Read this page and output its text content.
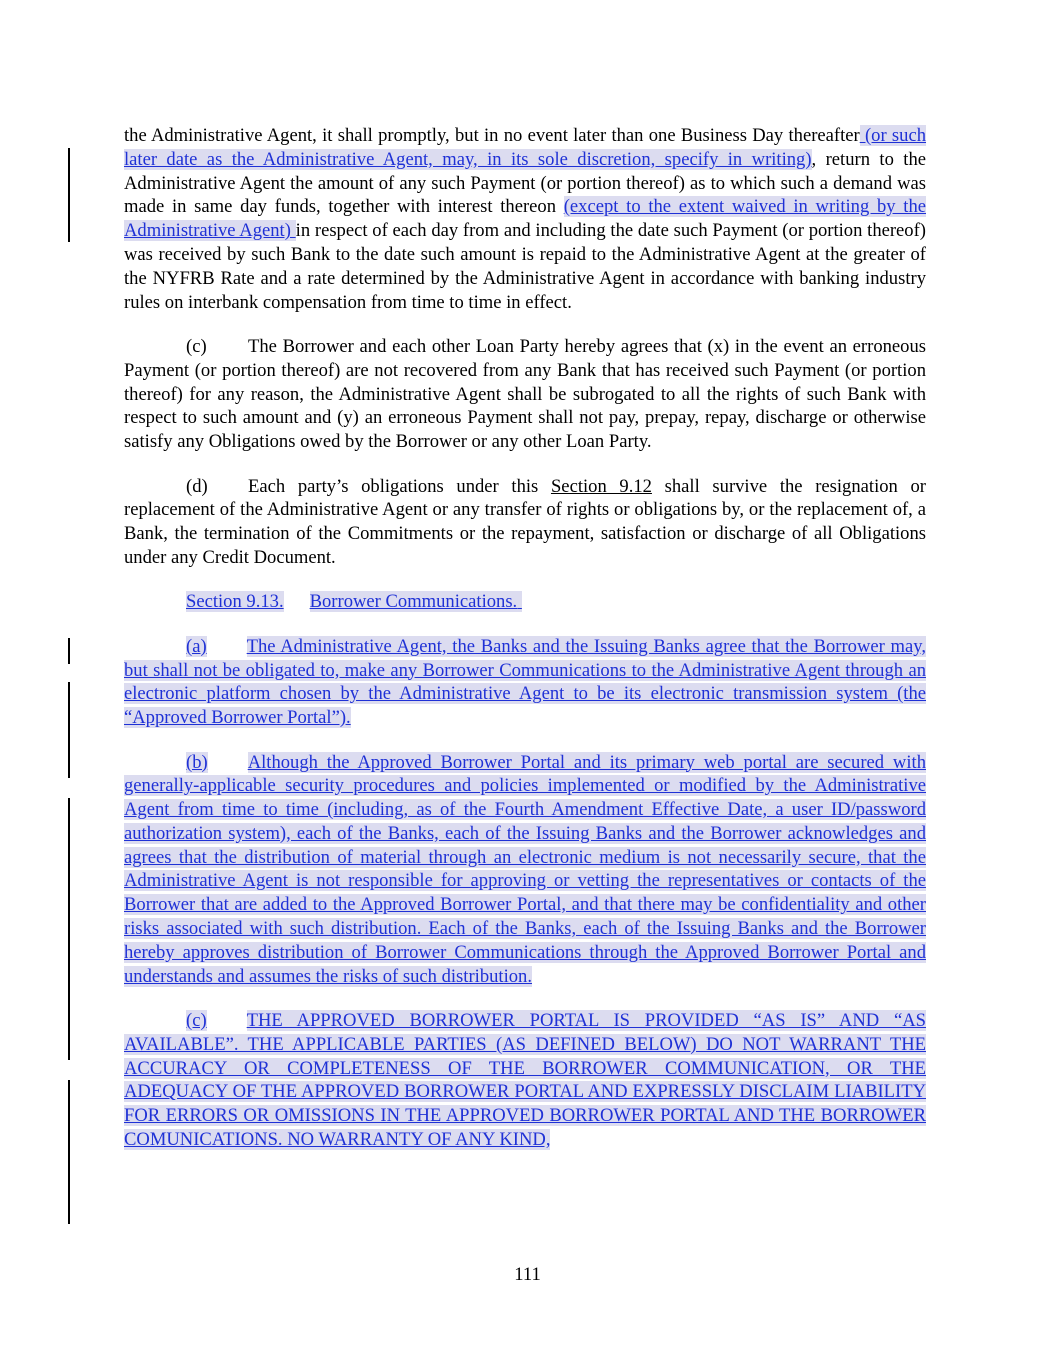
the Administrative Agent, it shall promptly, but in no event later than one Business Day thereafter (or such later date as the Administrative Agent, may, in its sole discretion, specify in writing), return to the Administrative Agent the amount of any such Payment (or portion thereof) as to which such a demand was made in same day funds, together with interest thereon (except to the extent waived in writing by the Administrative Agent) in respect of each day from and including the date such Payment (or portion thereof) was received by such Bank to the date such amount is repaid to the Administrative Agent at the greater of the NYFRB Rate and a rate determined by the Administrative Agent in accordance with banking industry rules on interbank compensation from time to time in effect.

(c) The Borrower and each other Loan Party hereby agrees that (x) in the event an erroneous Payment (or portion thereof) are not recovered from any Bank that has received such Payment (or portion thereof) for any reason, the Administrative Agent shall be subrogated to all the rights of such Bank with respect to such amount and (y) an erroneous Payment shall not pay, prepay, repay, discharge or otherwise satisfy any Obligations owed by the Borrower or any other Loan Party.

(d) Each party’s obligations under this Section 9.12 shall survive the resignation or replacement of the Administrative Agent or any transfer of rights or obligations by, or the replacement of, a Bank, the termination of the Commitments or the repayment, satisfaction or discharge of all Obligations under any Credit Document.

Section 9.13. Borrower Communications.

(a) The Administrative Agent, the Banks and the Issuing Banks agree that the Borrower may, but shall not be obligated to, make any Borrower Communications to the Administrative Agent through an electronic platform chosen by the Administrative Agent to be its electronic transmission system (the “Approved Borrower Portal”).

(b) Although the Approved Borrower Portal and its primary web portal are secured with generally-applicable security procedures and policies implemented or modified by the Administrative Agent from time to time (including, as of the Fourth Amendment Effective Date, a user ID/password authorization system), each of the Banks, each of the Issuing Banks and the Borrower acknowledges and agrees that the distribution of material through an electronic medium is not necessarily secure, that the Administrative Agent is not responsible for approving or vetting the representatives or contacts of the Borrower that are added to the Approved Borrower Portal, and that there may be confidentiality and other risks associated with such distribution. Each of the Banks, each of the Issuing Banks and the Borrower hereby approves distribution of Borrower Communications through the Approved Borrower Portal and understands and assumes the risks of such distribution.

(c) THE APPROVED BORROWER PORTAL IS PROVIDED “AS IS” AND “AS AVAILABLE”. THE APPLICABLE PARTIES (AS DEFINED BELOW) DO NOT WARRANT THE ACCURACY OR COMPLETENESS OF THE BORROWER COMMUNICATION, OR THE ADEQUACY OF THE APPROVED BORROWER PORTAL AND EXPRESSLY DISCLAIM LIABILITY FOR ERRORS OR OMISSIONS IN THE APPROVED BORROWER PORTAL AND THE BORROWER COMUNICATIONS. NO WARRANTY OF ANY KIND,

111
